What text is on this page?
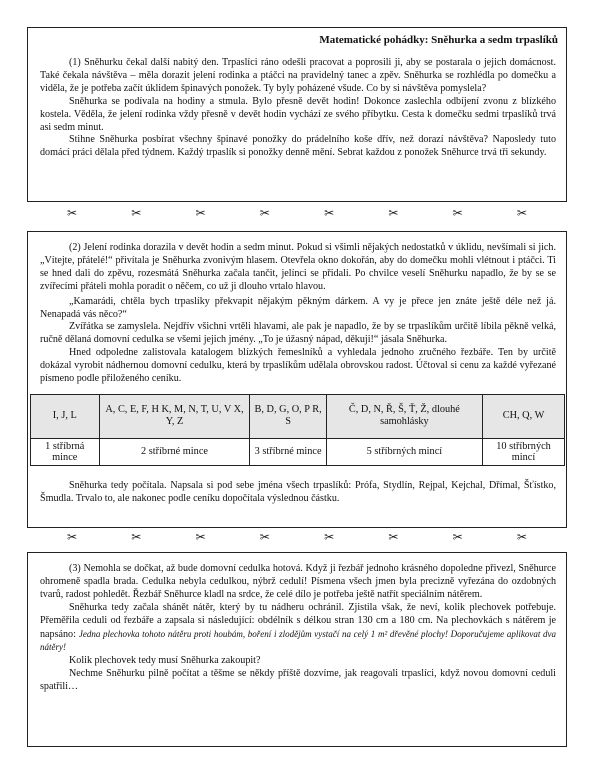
Matematické pohádky: Sněhurka a sedm trpaslíků

(1) Sněhurku čekal další nabitý den. Trpaslíci ráno odešli pracovat a poprosili ji, aby se postarala o jejich domácnost. Také čekala návštěva – měla dorazit jelení rodinka a ptáčci na pravidelný tanec a zpěv. Sněhurka se rozhlédla po domečku a viděla, že je potřeba začít úklidem špinavých ponožek. Ty byly poházené všude. Co by si návštěva pomyslela?

Sněhurka se podívala na hodiny a stmula. Bylo přesně devět hodin! Dokonce zaslechla odbíjení zvonu z blízkého kostela. Věděla, že jelení rodinka vždy přesně v devět hodin vychází ze svého příbytku. Cesta k domečku sedmi trpaslíků trvá asi sedm minut.

Stihne Sněhurka posbírat všechny špinavé ponožky do prádelního koše dřív, než dorazí návštěva? Naposledy tuto domácí práci dělala před týdnem. Každý trpaslík si ponožky denně mění. Sebrat každou z ponožek Sněhurce trvá tři sekundy.

✂	✂	✂	✂	✂	✂	✂	✂

(2) Jelení rodinka dorazila v devět hodin a sedm minut. Pokud si všimli nějakých nedostatků v úklidu, nevšímali si jich. „Vítejte, přátelé!“ přivítala je Sněhurka zvonivým hlasem. Otevřela okno dokořán, aby do domečku mohli vlétnout i ptáčci. Ti se hned dali do zpěvu, rozesmátá Sněhurka začala tančit, jelínci se přidali. Po chvilce veselí Sněhurku napadlo, že by se se zvířecími přáteli mohla poradit o něčem, co už ji dlouho vrtalo hlavou.

„Kamarádi, chtěla bych trpaslíky překvapit nějakým pěkným dárkem. A vy je přece jen znáte ještě déle než já. Nenapadá vás něco?“

Zvířátka se zamyslela. Nejdřív všichni vrtěli hlavami, ale pak je napadlo, že by se trpaslíkům určitě líbila pěkně velká, ručně dělaná domovní cedulka se všemi jejich jmény. „To je úžasný nápad, děkuji!“ jásala Sněhurka.

Hned odpoledne zalistovala katalogem blízkých řemeslníků a vyhledala jednoho zručného řezbáře. Ten by určitě dokázal vyrobit nádhernou domovní cedulku, která by trpaslíkům udělala obrovskou radost. Účtoval si cenu za každé vyřezané písmeno podle přiloženého ceníku.

I, J, L	A, C, E, F, H K, M, N, T, U, V X, Y, Z	B, D, G, O, P R, S	Č, D, N, Ř, Š, Ť, Ž, dlouhé samohlásky	CH, Q, W
1 stříbrná mince	2 stříbrné mince	3 stříbrné mince	5 stříbrných mincí	10 stříbrných mincí

Sněhurka tedy počítala. Napsala si pod sebe jména všech trpaslíků: Prófa, Stydlín, Rejpal, Kejchal, Dřímal, Šťístko, Šmudla. Trvalo to, ale nakonec podle ceníku dopočítala výslednou částku.

✂	✂	✂	✂	✂	✂	✂	✂

(3) Nemohla se dočkat, až bude domovní cedulka hotová. Když ji řezbář jednoho krásného dopoledne přivezl, Sněhurce ohromeně spadla brada. Cedulka nebyla cedulkou, nýbrž cedulí! Písmena všech jmen byla precizně vyřezána do ozdobných tvarů, radost pohledět. Řezbář Sněhurce kladl na srdce, že celé dílo je potřeba ještě natřít speciálním nátěrem.

Sněhurka tedy začala shánět nátěr, který by tu nádheru ochránil. Zjistila však, že neví, kolik plechovek potřebuje. Přeměřila ceduli od řezbáře a zapsala si následující: obdélník s délkou stran 130 cm a 180 cm. Na plechovkách s nátěrem je napsáno: Jedna plechovka tohoto nátěru proti houbám, boření i zlodějům vystačí na celý 1 m² dřevěné plochy! Doporučujeme aplikovat dva nátěry!

Kolik plechovek tedy musí Sněhurka zakoupit?

Nechme Sněhurku pilně počítat a těšme se někdy příště dozvíme, jak reagovali trpaslíci, když novou domovní ceduli spatřili…
